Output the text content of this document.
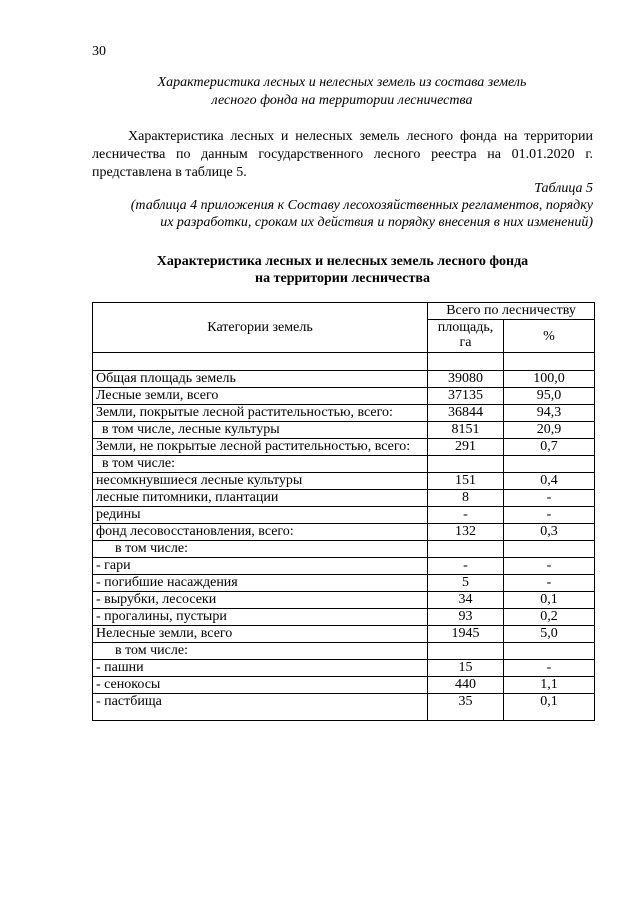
30
Характеристика лесных и нелесных земель из состава земель
лесного фонда на территории лесничества
Характеристика лесных и нелесных земель лесного фонда на территории лесничества по данным государственного лесного реестра на 01.01.2020 г. представлена в таблице 5.
Таблица 5
(таблица 4 приложения к Составу лесохозяйственных регламентов, порядку
их разработки, срокам их действия и порядку внесения в них изменений)
Характеристика лесных и нелесных земель лесного фонда
на территории лесничества
Категории земель	Всего по лесничеству	
	площадь, га	%

Общая площадь земель	39080	100,0
Лесные земли, всего	37135	95,0
Земли, покрытые лесной растительностью, всего:	36844	94,3
в том числе, лесные культуры	8151	20,9
Земли, не покрытые лесной растительностью, всего:	291	0,7
в том числе:		
несомкнувшиеся лесные культуры	151	0,4
лесные питомники, плантации	8	-
редины	-	-
фонд лесовосстановления, всего:	132	0,3
в том числе:		
- гари	-	-
- погибшие насаждения	5	-
- вырубки, лесосеки	34	0,1
- прогалины, пустыри	93	0,2
Нелесные земли, всего	1945	5,0
в том числе:		
- пашни	15	-
- сенокосы	440	1,1
- пастбища	35	0,1
